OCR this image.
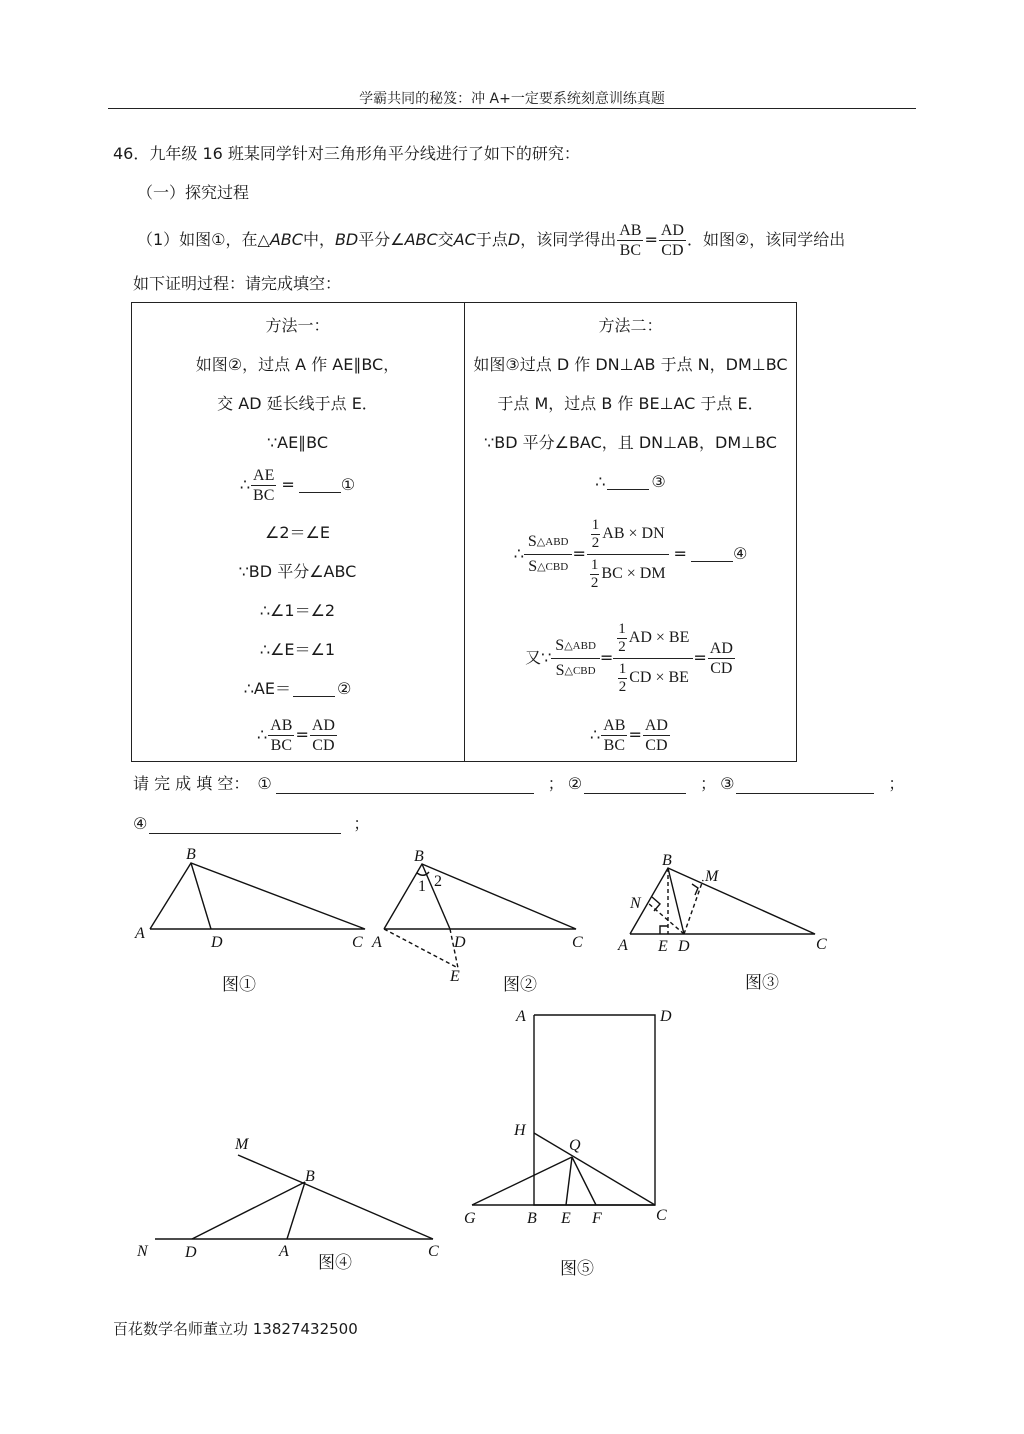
学霸共同的秘笈：冲 A+一定要系统刻意训练真题
46．九年级 16 班某同学针对三角形角平分线进行了如下的研究：
（一）探究过程
（1）如图①，在△ ABC 中， BD 平分∠ ABC 交 AC 于点 D ，该同学得出 $\frac{AB}{BC} = \frac{AD}{CD}$ ．如图②，该同学给出
如下证明过程：请完成填空：
方法一：
如图②，过点 A 作 AE∥BC，
交 AD 延长线于点 E．
∵AE∥BC
∴ $\frac{AE}{BC}$ =	①
∠2＝∠E
∵BD 平分∠ABC
∴∠1＝∠2
∴∠E＝∠1
∴AE＝	②
∴ $\frac{AB}{BC} = \frac{AD}{CD}$
方法二：
如图③过点 D 作 DN⊥AB 于点 N，DM⊥BC
于点 M，过点 B 作 BE⊥AC 于点 E．
∵BD 平分∠BAC，且 DN⊥AB，DM⊥BC
∴	③
∴ $\frac{\text{S △ABD}}{\text{S △CBD}} = \frac{\frac{1}{2} AB \times DN}{\frac{1}{2} BC \times DM}$ =	④
又∵ $\frac{\text{S △ABD}}{\text{S △CBD}} = \frac{\frac{1}{2} AD \times BE}{\frac{1}{2} CD \times BE} = \frac{AD}{CD}$
∴ $\frac{AB}{BC} = \frac{AD}{CD}$
请 完 成 填 空： ①	； ②	； ③	；
④	；
B
A
D	C
图①
B
A	D	C
E
1 2
图②
B
M
N
A E D	C
图③
M
B
N D	A	C
图④
A	D
H
Q
G	B E F	C
图⑤
百花数学名师董立功 13827432500
